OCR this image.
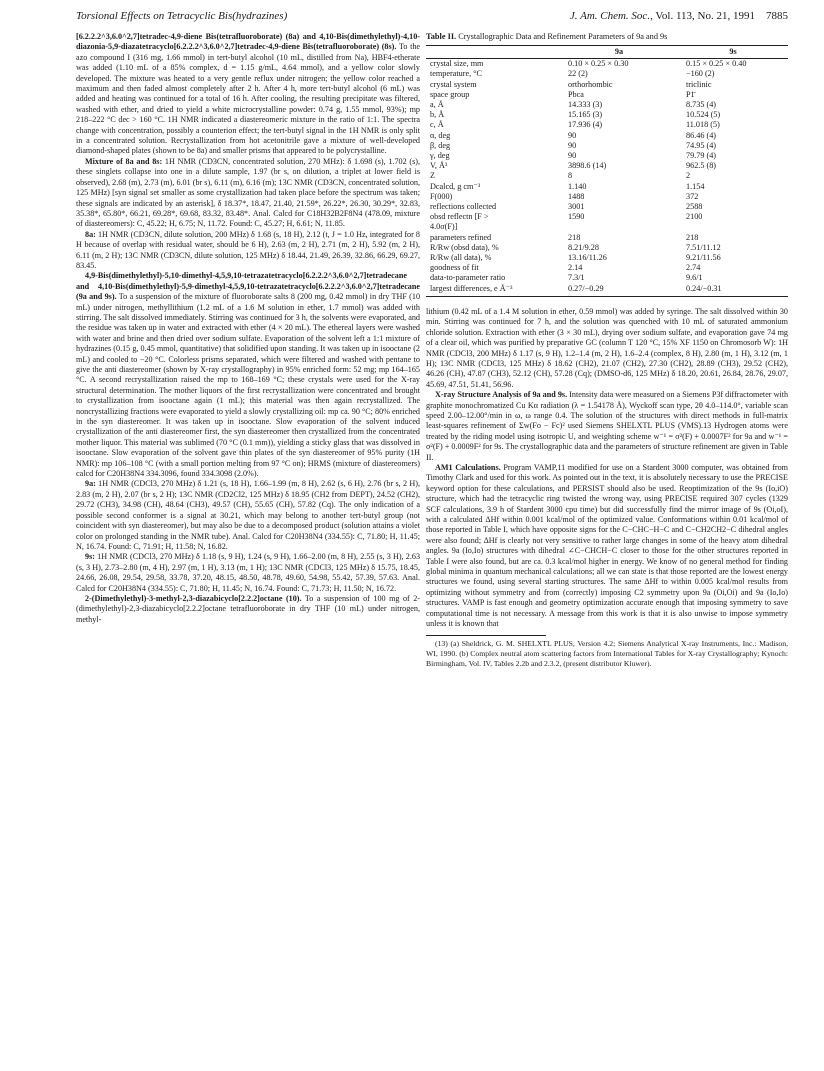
Torsional Effects on Tetracyclic Bis(hydrazines)	J. Am. Chem. Soc., Vol. 113, No. 21, 1991 7885

[6.2.2.2^3,6.0^2,7]tetradec-4,9-diene Bis(tetrafluoroborate) (8a) and 4,10-Bis(dimethylethyl)-4,10-diazonia-5,9-diazatetracyclo[6.2.2.2^3,6.0^2,7]tetradec-4,9-diene Bis(tetrafluoroborate) (8s). To the azo compound I (316 mg, 1.66 mmol) in tert-butyl alcohol (10 mL, distilled from Na), HBF4-etherate was added (1.10 mL of a 85% complex, d = 1.15 g/mL, 4.64 mmol), and a yellow color slowly developed. The mixture was heated to a very gentle reflux under nitrogen; the yellow color reached a maximum and then faded almost completely after 2 h. After 4 h, more tert-butyl alcohol (6 mL) was added and heating was continued for a total of 16 h. After cooling, the resulting precipitate was filtered, washed with ether, and dried to yield a white microcrystalline powder: 0.74 g, 1.55 mmol, 93%); mp 218–222 °C dec > 160 °C. 1H NMR indicated a diastereomeric mixture in the ratio of 1:1. The spectra change with concentration, possibly a counterion effect; the tert-butyl signal in the 1H NMR is only split in a concentrated solution. Recrystallization from hot acetonitrile gave a mixture of well-developed diamond-shaped plates (shown to be 8a) and smaller prisms that appeared to be polycrystalline.

Mixture of 8a and 8s: 1H NMR (CD3CN, concentrated solution, 270 MHz): δ 1.698 (s), 1.702 (s), these singlets collapse into one in a dilute sample, 1.97 (br s, on dilution, a triplet at lower field is observed), 2.68 (m), 2.73 (m), 6.01 (br s), 6.11 (m), 6.16 (m); 13C NMR (CD3CN, concentrated solution, 125 MHz) [syn signal set smaller as some crystallization had taken place before the spectrum was taken; these signals are indicated by an asterisk], δ 18.37*, 18.47, 21.40, 21.59*, 26.22*, 26.30, 30.29*, 32.83, 35.38*, 65.80*, 66.21, 69.28*, 69.68, 83.32, 83.48*. Anal. Calcd for C18H32B2F8N4 (478.09, mixture of diastereomers): C, 45.22; H, 6.75; N, 11.72. Found: C, 45.27; H, 6.61; N, 11.85.

8a: 1H NMR (CD3CN, dilute solution, 200 MHz) δ 1.68 (s, 18 H), 2.12 (t, J = 1.0 Hz, integrated for 8 H because of overlap with residual water, should be 6 H), 2.63 (m, 2 H), 2.71 (m, 2 H), 5.92 (m, 2 H), 6.11 (m, 2 H); 13C NMR (CD3CN, dilute solution, 125 MHz) δ 18.44, 21.49, 26.39, 32.86, 66.29, 69.27, 83.45.

4,9-Bis(dimethylethyl)-5,10-dimethyl-4,5,9,10-tetrazatetracyclo[6.2.2.2^3,6.0^2,7]tetradecane and 4,10-Bis(dimethylethyl)-5,9-dimethyl-4,5,9,10-tetrazatetracyclo[6.2.2.2^3,6.0^2,7]tetradecane (9a and 9s). To a suspension of the mixture of fluoroborate salts 8 (200 mg, 0.42 mmol) in dry THF (10 mL) under nitrogen, methyllithium (1.2 mL of a 1.6 M solution in ether, 1.7 mmol) was added with stirring. The salt dissolved immediately. Stirring was continued for 3 h, the solvents were evaporated, and the residue was taken up in water and extracted with ether (4 × 20 mL). The ethereal layers were washed with water and brine and then dried over sodium sulfate. Evaporation of the solvent left a 1:1 mixture of hydrazines (0.15 g, 0.45 mmol, quantitative) that solidified upon standing. It was taken up in isooctane (2 mL) and cooled to −20 °C. Colorless prisms separated, which were filtered and washed with pentane to give the anti diastereomer (shown by X-ray crystallography) in 95% enriched form: 52 mg; mp 164–165 °C. A second recrystallization raised the mp to 168–169 °C; these crystals were used for the X-ray structural determination. The mother liquors of the first recrystallization were concentrated and brought to crystallization from isooctane again (1 mL); this material was then again recrystallized. The noncrystallizing fractions were evaporated to yield a slowly crystallizing oil: mp ca. 90 °C; 80% enriched in the syn diastereomer. It was taken up in isooctane. Slow evaporation of the solvent induced crystallization of the anti diastereomer first, the syn diastereomer then crystallized from the concentrated mother liquor. This material was sublimed (70 °C (0.1 mm)), yielding a sticky glass that was dissolved in isooctane. Slow evaporation of the solvent gave thin plates of the syn diastereomer of 95% purity (1H NMR): mp 106–108 °C (with a small portion melting from 97 °C on); HRMS (mixture of diastereomers) calcd for C20H38N4 334.3096, found 334.3098 (2.0%).

9a: 1H NMR (CDCl3, 270 MHz) δ 1.21 (s, 18 H), 1.66–1.99 (m, 8 H), 2.62 (s, 6 H), 2.76 (br s, 2 H), 2.83 (m, 2 H), 2.07 (br s, 2 H); 13C NMR (CD2Cl2, 125 MHz) δ 18.95 (CH2 from DEPT), 24.52 (CH2), 29.72 (CH3), 34.98 (CH), 48.64 (CH3), 49.57 (CH), 55.65 (CH), 57.82 (Cq). The only indication of a possible second conformer is a signal at 30.21, which may belong to another tert-butyl group (not coincident with syn diastereomer), but may also be due to a decomposed product (solution attains a violet color on prolonged standing in the NMR tube). Anal. Calcd for C20H38N4 (334.55): C, 71.80; H, 11.45; N, 16.74. Found: C, 71.91; H, 11.58; N, 16.82.

9s: 1H NMR (CDCl3, 270 MHz) δ 1.18 (s, 9 H), 1.24 (s, 9 H), 1.66–2.00 (m, 8 H), 2.55 (s, 3 H), 2.63 (s, 3 H), 2.73–2.80 (m, 4 H), 2.97 (m, 1 H), 3.13 (m, 1 H); 13C NMR (CDCl3, 125 MHz) δ 15.75, 18.45, 24.66, 26.08, 29.54, 29.58, 33.78, 37.20, 48.15, 48.50, 48.78, 49.60, 54.98, 55.42, 57.39, 57.63. Anal. Calcd for C20H38N4 (334.55): C, 71.80; H, 11.45; N, 16.74. Found: C, 71.73; H, 11.50; N, 16.72.

2-(Dimethylethyl)-3-methyl-2,3-diazabicyclo[2.2.2]octane (10). To a suspension of 100 mg of 2-(dimethylethyl)-2,3-diazabicyclo[2.2.2]octane tetrafluoroborate in dry THF (10 mL) under nitrogen, methyl-

Table II. Crystallographic Data and Refinement Parameters of 9a and 9s
	9a	9s
crystal size, mm	0.10 × 0.25 × 0.30	0.15 × 0.25 × 0.40
temperature, °C	22 (2)	−160 (2)
crystal system	orthorhombic	triclinic
space group	Pbca	P1̄
a, Å	14.333 (3)	8.735 (4)
b, Å	15.165 (3)	10.524 (5)
c, Å	17.936 (4)	11.018 (5)
α, deg	90	86.46 (4)
β, deg	90	74.95 (4)
γ, deg	90	79.79 (4)
V, Å³	3898.6 (14)	962.5 (8)
Z	8	2
Dcalcd, g cm⁻³	1.140	1.154
F(000)	1488	372
reflections collected	3001	2588
obsd reflectn [F >	1590	2100
4.0σ(F)]		
parameters refined	218	218
R/Rw (obsd data), %	8.21/9.28	7.51/11.12
R/Rw (all data), %	13.16/11.26	9.21/11.56
goodness of fit	2.14	2.74
data-to-parameter ratio	7.3/1	9.6/1
largest differences, e Å⁻³	0.27/−0.29	0.24/−0.31

lithium (0.42 mL of a 1.4 M solution in ether, 0.59 mmol) was added by syringe. The salt dissolved within 30 min. Stirring was continued for 7 h, and the solution was quenched with 10 mL of saturated ammonium chloride solution. Extraction with ether (3 × 30 mL), drying over sodium sulfate, and evaporation gave 74 mg of a clear oil, which was purified by preparative GC (column T 120 °C, 15% XF 1150 on Chromosorb W): 1H NMR (CDCl3, 200 MHz) δ 1.17 (s, 9 H), 1.2–1.4 (m, 2 H), 1.6–2.4 (complex, 8 H), 2.80 (m, 1 H), 3.12 (m, 1 H); 13C NMR (CDCl3, 125 MHz) δ 18.62 (CH2), 21.07 (CH2), 27.30 (CH2), 28.89 (CH3), 29.52 (CH2), 46.26 (CH), 47.87 (CH3), 52.12 (CH), 57.28 (Cq); (DMSO-d6, 125 MHz) δ 18.20, 20.61, 26.84, 28.76, 29.07, 45.69, 47.51, 51.41, 56.96.

X-ray Structure Analysis of 9a and 9s. Intensity data were measured on a Siemens P3f diffractometer with graphite monochromatized Cu Kα radiation (λ = 1.54178 Å), Wyckoff scan type, 2θ 4.0–114.0°, variable scan speed 2.00–12.00°/min in ω, ω range 0.4. The solution of the structures with direct methods in full-matrix least-squares refinement of Σw(Fo − Fc)² used Siemens SHELXTL PLUS (VMS).13 Hydrogen atoms were treated by the riding model using isotropic U, and weighting scheme w⁻¹ = σ²(F) + 0.0007F² for 9a and w⁻¹ = σ²(F) + 0.0009F² for 9s. The crystallographic data and the parameters of structure refinement are given in Table II.

AM1 Calculations. Program VAMP,11 modified for use on a Stardent 3000 computer, was obtained from Timothy Clark and used for this work. As pointed out in the text, it is absolutely necessary to use the PRECISE keyword option for these calculations, and PERSIST should also be used. Reoptimization of the 9s (Io,iO) structure, which had the tetracyclic ring twisted the wrong way, using PRECISE required 307 cycles (1329 SCF calculations, 3.9 h of Stardent 3000 cpu time) but did successfully find the mirror image of 9s (Oi,oI), with a calculated ΔHf within 0.001 kcal/mol of the optimized value. Conformations within 0.01 kcal/mol of those reported in Table I, which have opposite signs for the C−CHC−H−C and C−CH2CH2−C dihedral angles were also found; ΔHf is clearly not very sensitive to rather large changes in some of the heavy atom dihedral angles. 9a (Io,Io) structures with dihedral ∠C−CHCH−C closer to those for the other structures reported in Table I were also found, but are ca. 0.3 kcal/mol higher in energy. We know of no general method for finding global minima in quantum mechanical calculations; all we can state is that those reported are the lowest energy structures we found, using several starting structures. The same ΔHf to within 0.005 kcal/mol results from optimizing without symmetry and from (correctly) imposing C2 symmetry upon 9a (Oi,Oi) and 9a (Io,Io) structures. VAMP is fast enough and geometry optimization accurate enough that imposing symmetry to save computational time is not necessary. A message from this work is that it is also unwise to impose symmetry unless it is known that

(13) (a) Sheldrick, G. M. SHELXTL PLUS, Version 4.2; Siemens Analytical X-ray Instruments, Inc.: Madison, WI, 1990. (b) Complex neutral atom scattering factors from International Tables for X-ray Crystallography; Kynoch: Birmingham, Vol. IV, Tables 2.2b and 2.3.2, (present distributor Kluwer).
